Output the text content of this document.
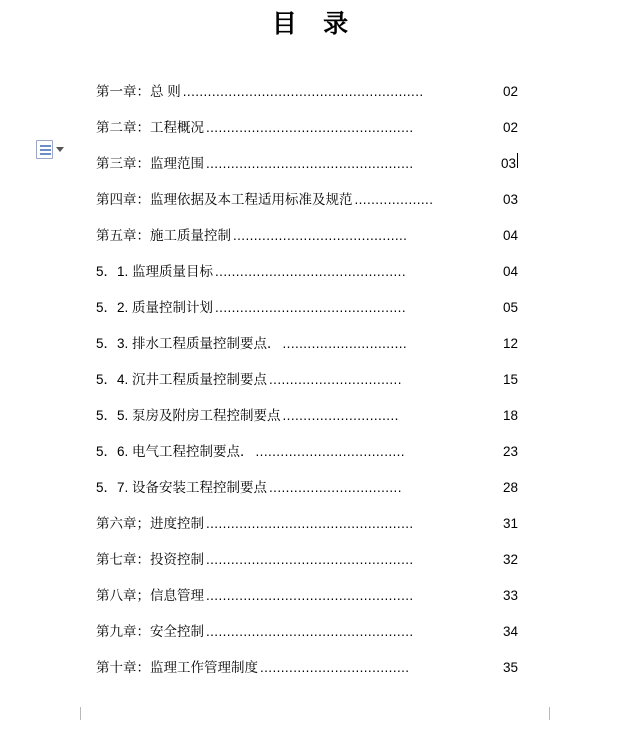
目 录
第一章：总 则 ..........................................................	02
第二章：工程概况 ..................................................	02
第三章：监理范围 ..................................................	03
第四章：监理依据及本工程适用标准及规范 ...................	03
第五章：施工质量控制 ..........................................	04
5．1. 监理质量目标 ..............................................	04
5．2. 质量控制计划 ..............................................	05
5．3. 排水工程质量控制要点． ..............................	12
5．4. 沉井工程质量控制要点 ................................	15
5．5. 泵房及附房工程控制要点 ............................	18
5．6. 电气工程控制要点． ....................................	23
5．7. 设备安装工程控制要点 ................................	28
第六章；进度控制 ..................................................	31
第七章：投资控制 ..................................................	32
第八章；信息管理 ..................................................	33
第九章：安全控制 ..................................................	34
第十章：监理工作管理制度 ....................................	35
